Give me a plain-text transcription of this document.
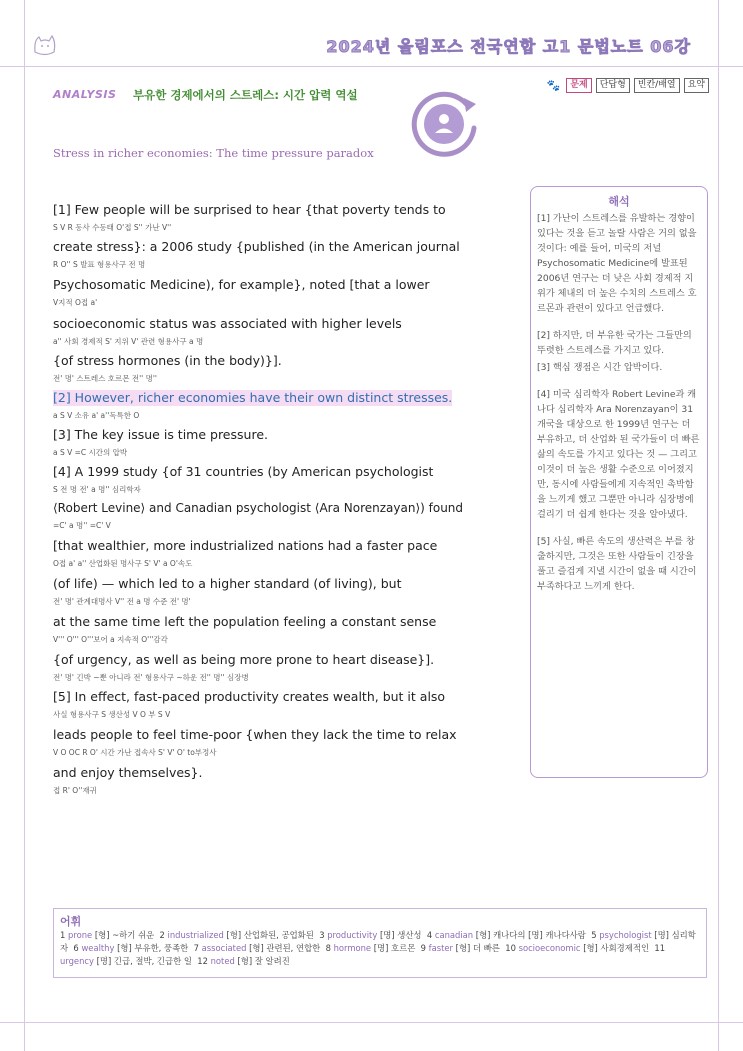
2024년 올림포스 전국연합 고1 문법노트 06강
🐾	문제	단답형	빈칸/배열	요약
ANALYSIS 부유한 경제에서의 스트레스: 시간 압력 역설
Stress in richer economies: The time pressure paradox
[1] Few people will be surprised to hear {that poverty tends to
S V R 동사 수동태 O'접 S'' 가난 V''
create stress}: a 2006 study {published (in the American journal
R O'' S 발표 형용사구 전 명
Psychosomatic Medicine), for example}, noted [that a lower
V지적 O접 a'
socioeconomic status was associated with higher levels
a'' 사회 경제적 S' 지위 V' 관련 형용사구 a 명
{of stress hormones (in the body)}].
전' 명' 스트레스 호르몬 전'' 명''
[2] However, richer economies have their own distinct stresses.
a S V 소유 a' a''독특한 O
[3] The key issue is time pressure.
a S V =C 시간의 압박
[4] A 1999 study {of 31 countries (by American psychologist
S 전 명 전' a 명'' 심리학자
⟨Robert Levine⟩ and Canadian psychologist ⟨Ara Norenzayan⟩) found
=C' a 명'' =C' V
[that wealthier, more industrialized nations had a faster pace
O접 a' a'' 산업화된 명사구 S' V' a O'속도
(of life) — which led to a higher standard (of living), but
전' 명' 관계대명사 V'' 전 a 명 수준 전' 명'
at the same time left the population feeling a constant sense
V''' O''' O'''보어 a 지속적 O'''감각
{of urgency, as well as being more prone to heart disease}].
전' 명' 긴박 ~뿐 아니라 전' 형용사구 ~하운 전'' 명'' 심장병
[5] In effect, fast-paced productivity creates wealth, but it also
사실 형용사구 S 생산성 V O 부 S V
leads people to feel time-poor {when they lack the time to relax
V O OC R O' 시간 가난 접속사 S' V' O' to부정사
and enjoy themselves}.
접 R' O''재귀
해석

[1] 가난이 스트레스를 유발하는 경향이 있다는 것을 듣고 놀랄 사람은 거의 없을 것이다: 예를 들어, 미국의 저널 Psychosomatic Medicine에 발표된 2006년 연구는 더 낮은 사회 경제적 지위가 체내의 더 높은 수치의 스트레스 호르몬과 관련이 있다고 언급했다.

[2] 하지만, 더 부유한 국가는 그들만의 뚜렷한 스트레스를 가지고 있다.

[3] 핵심 쟁점은 시간 압박이다.

[4] 미국 심리학자 Robert Levine과 캐나다 심리학자 Ara Norenzayan이 31개국을 대상으로 한 1999년 연구는 더 부유하고, 더 산업화 된 국가들이 더 빠른 삶의 속도를 가지고 있다는 것 — 그리고 이것이 더 높은 생활 수준으로 이어졌지만, 동시에 사람들에게 지속적인 촉박함을 느끼게 했고 그뿐만 아니라 심장병에 걸리기 더 쉽게 한다는 것을 알아냈다.

[5] 사실, 빠른 속도의 생산력은 부를 창출하지만, 그것은 또한 사람들이 긴장을 풀고 즐겁게 지낼 시간이 없을 때 시간이 부족하다고 느끼게 한다.

어휘
1 prone [형] ~하기 쉬운 2 industrialized [형] 산업화된, 공업화된 3 productivity [명] 생산성 4 canadian [형] 캐나다의 [명] 캐나다사람 5 psychologist [명] 심리학자 6 wealthy [형] 부유한, 풍족한 7 associated [형] 관련된, 연합한 8 hormone [명] 호르몬 9 faster [형] 더 빠른 10 socioeconomic [형] 사회경제적인 11 urgency [명] 긴급, 절박, 긴급한 일 12 noted [형] 잘 알려진
